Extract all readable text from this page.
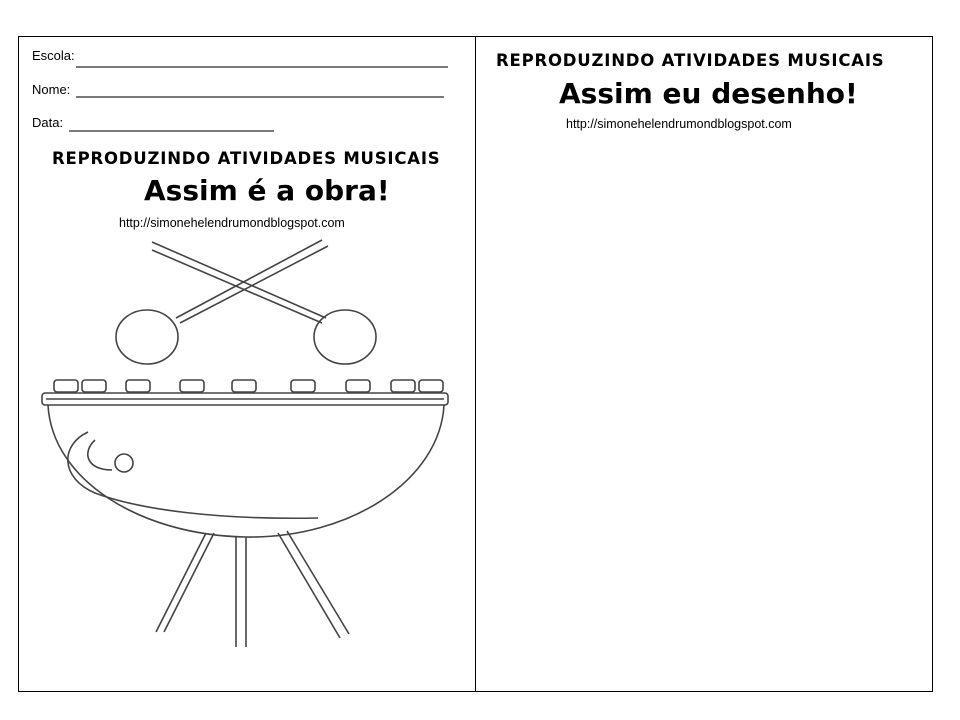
Escola:
Nome:
Data:
REPRODUZINDO ATIVIDADES MUSICAIS
Assim é a obra!
http://simonehelendrumondblogspot.com
REPRODUZINDO ATIVIDADES MUSICAIS
Assim eu desenho!
http://simonehelendrumondblogspot.com
